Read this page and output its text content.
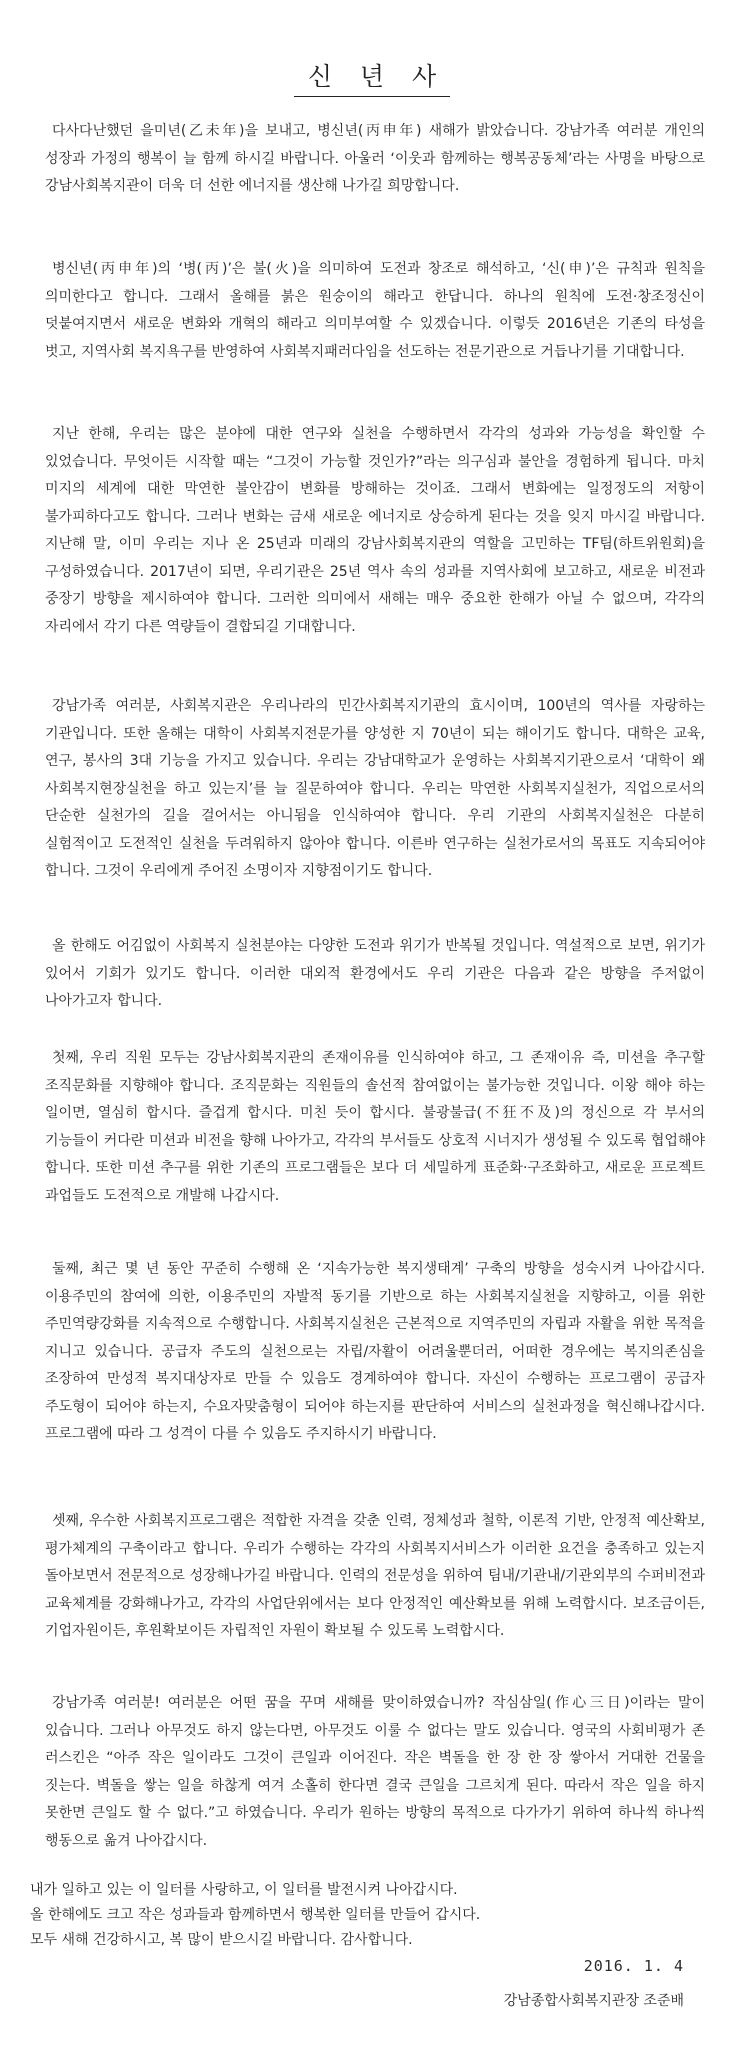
신 년 사

다사다난했던 을미년(乙未年)을 보내고, 병신년(丙申年) 새해가 밝았습니다. 강남가족 여러분 개인의 성장과 가정의 행복이 늘 함께 하시길 바랍니다. 아울러 ‘이웃과 함께하는 행복공동체’라는 사명을 바탕으로 강남사회복지관이 더욱 더 선한 에너지를 생산해 나가길 희망합니다.

병신년(丙申年)의 ‘병(丙)’은 불(火)을 의미하여 도전과 창조로 해석하고, ‘신(申)’은 규칙과 원칙을 의미한다고 합니다. 그래서 올해를 붉은 원숭이의 해라고 한답니다. 하나의 원칙에 도전·창조정신이 덧붙여지면서 새로운 변화와 개혁의 해라고 의미부여할 수 있겠습니다. 이렇듯 2016년은 기존의 타성을 벗고, 지역사회 복지욕구를 반영하여 사회복지패러다임을 선도하는 전문기관으로 거듭나기를 기대합니다.

지난 한해, 우리는 많은 분야에 대한 연구와 실천을 수행하면서 각각의 성과와 가능성을 확인할 수 있었습니다. 무엇이든 시작할 때는 “그것이 가능할 것인가?”라는 의구심과 불안을 경험하게 됩니다. 마치 미지의 세계에 대한 막연한 불안감이 변화를 방해하는 것이죠. 그래서 변화에는 일정정도의 저항이 불가피하다고도 합니다. 그러나 변화는 금새 새로운 에너지로 상승하게 된다는 것을 잊지 마시길 바랍니다. 지난해 말, 이미 우리는 지나 온 25년과 미래의 강남사회복지관의 역할을 고민하는 TF팀(하트위원회)을 구성하였습니다. 2017년이 되면, 우리기관은 25년 역사 속의 성과를 지역사회에 보고하고, 새로운 비전과 중장기 방향을 제시하여야 합니다. 그러한 의미에서 새해는 매우 중요한 한해가 아닐 수 없으며, 각각의 자리에서 각기 다른 역량들이 결합되길 기대합니다.

강남가족 여러분, 사회복지관은 우리나라의 민간사회복지기관의 효시이며, 100년의 역사를 자랑하는 기관입니다. 또한 올해는 대학이 사회복지전문가를 양성한 지 70년이 되는 해이기도 합니다. 대학은 교육, 연구, 봉사의 3대 기능을 가지고 있습니다. 우리는 강남대학교가 운영하는 사회복지기관으로서 ‘대학이 왜 사회복지현장실천을 하고 있는지’를 늘 질문하여야 합니다. 우리는 막연한 사회복지실천가, 직업으로서의 단순한 실천가의 길을 걸어서는 아니됨을 인식하여야 합니다. 우리 기관의 사회복지실천은 다분히 실험적이고 도전적인 실천을 두려워하지 않아야 합니다. 이른바 연구하는 실천가로서의 목표도 지속되어야 합니다. 그것이 우리에게 주어진 소명이자 지향점이기도 합니다.

올 한해도 어김없이 사회복지 실천분야는 다양한 도전과 위기가 반복될 것입니다. 역설적으로 보면, 위기가 있어서 기회가 있기도 합니다. 이러한 대외적 환경에서도 우리 기관은 다음과 같은 방향을 주저없이 나아가고자 합니다.

첫째, 우리 직원 모두는 강남사회복지관의 존재이유를 인식하여야 하고, 그 존재이유 즉, 미션을 추구할 조직문화를 지향해야 합니다. 조직문화는 직원들의 솔선적 참여없이는 불가능한 것입니다. 이왕 해야 하는 일이면, 열심히 합시다. 즐겁게 합시다. 미친 듯이 합시다. 불광불급(不狂不及)의 정신으로 각 부서의 기능들이 커다란 미션과 비전을 향해 나아가고, 각각의 부서들도 상호적 시너지가 생성될 수 있도록 협업해야 합니다. 또한 미션 추구를 위한 기존의 프로그램들은 보다 더 세밀하게 표준화·구조화하고, 새로운 프로젝트 과업들도 도전적으로 개발해 나갑시다.

둘째, 최근 몇 년 동안 꾸준히 수행해 온 ‘지속가능한 복지생태계’ 구축의 방향을 성숙시켜 나아갑시다. 이용주민의 참여에 의한, 이용주민의 자발적 동기를 기반으로 하는 사회복지실천을 지향하고, 이를 위한 주민역량강화를 지속적으로 수행합니다. 사회복지실천은 근본적으로 지역주민의 자립과 자활을 위한 목적을 지니고 있습니다. 공급자 주도의 실천으로는 자립/자활이 어려울뿐더러, 어떠한 경우에는 복지의존심을 조장하여 만성적 복지대상자로 만들 수 있음도 경계하여야 합니다. 자신이 수행하는 프로그램이 공급자 주도형이 되어야 하는지, 수요자맞춤형이 되어야 하는지를 판단하여 서비스의 실천과정을 혁신해나갑시다. 프로그램에 따라 그 성격이 다를 수 있음도 주지하시기 바랍니다.

셋째, 우수한 사회복지프로그램은 적합한 자격을 갖춘 인력, 정체성과 철학, 이론적 기반, 안정적 예산확보, 평가체계의 구축이라고 합니다. 우리가 수행하는 각각의 사회복지서비스가 이러한 요건을 충족하고 있는지 돌아보면서 전문적으로 성장해나가길 바랍니다. 인력의 전문성을 위하여 팀내/기관내/기관외부의 수퍼비전과 교육체계를 강화해나가고, 각각의 사업단위에서는 보다 안정적인 예산확보를 위해 노력합시다. 보조금이든, 기업자원이든, 후원확보이든 자립적인 자원이 확보될 수 있도록 노력합시다.

강남가족 여러분! 여러분은 어떤 꿈을 꾸며 새해를 맞이하였습니까? 작심삼일(作心三日)이라는 말이 있습니다. 그러나 아무것도 하지 않는다면, 아무것도 이룰 수 없다는 말도 있습니다. 영국의 사회비평가 존 러스킨은 “아주 작은 일이라도 그것이 큰일과 이어진다. 작은 벽돌을 한 장 한 장 쌓아서 거대한 건물을 짓는다. 벽돌을 쌓는 일을 하찮게 여겨 소홀히 한다면 결국 큰일을 그르치게 된다. 따라서 작은 일을 하지 못한면 큰일도 할 수 없다.”고 하였습니다. 우리가 원하는 방향의 목적으로 다가가기 위하여 하나씩 하나씩 행동으로 옮겨 나아갑시다.

내가 일하고 있는 이 일터를 사랑하고, 이 일터를 발전시켜 나아갑시다.
올 한해에도 크고 작은 성과들과 함께하면서 행복한 일터를 만들어 갑시다.
모두 새해 건강하시고, 복 많이 받으시길 바랍니다. 감사합니다.
2016. 1. 4
강남종합사회복지관장 조준배
